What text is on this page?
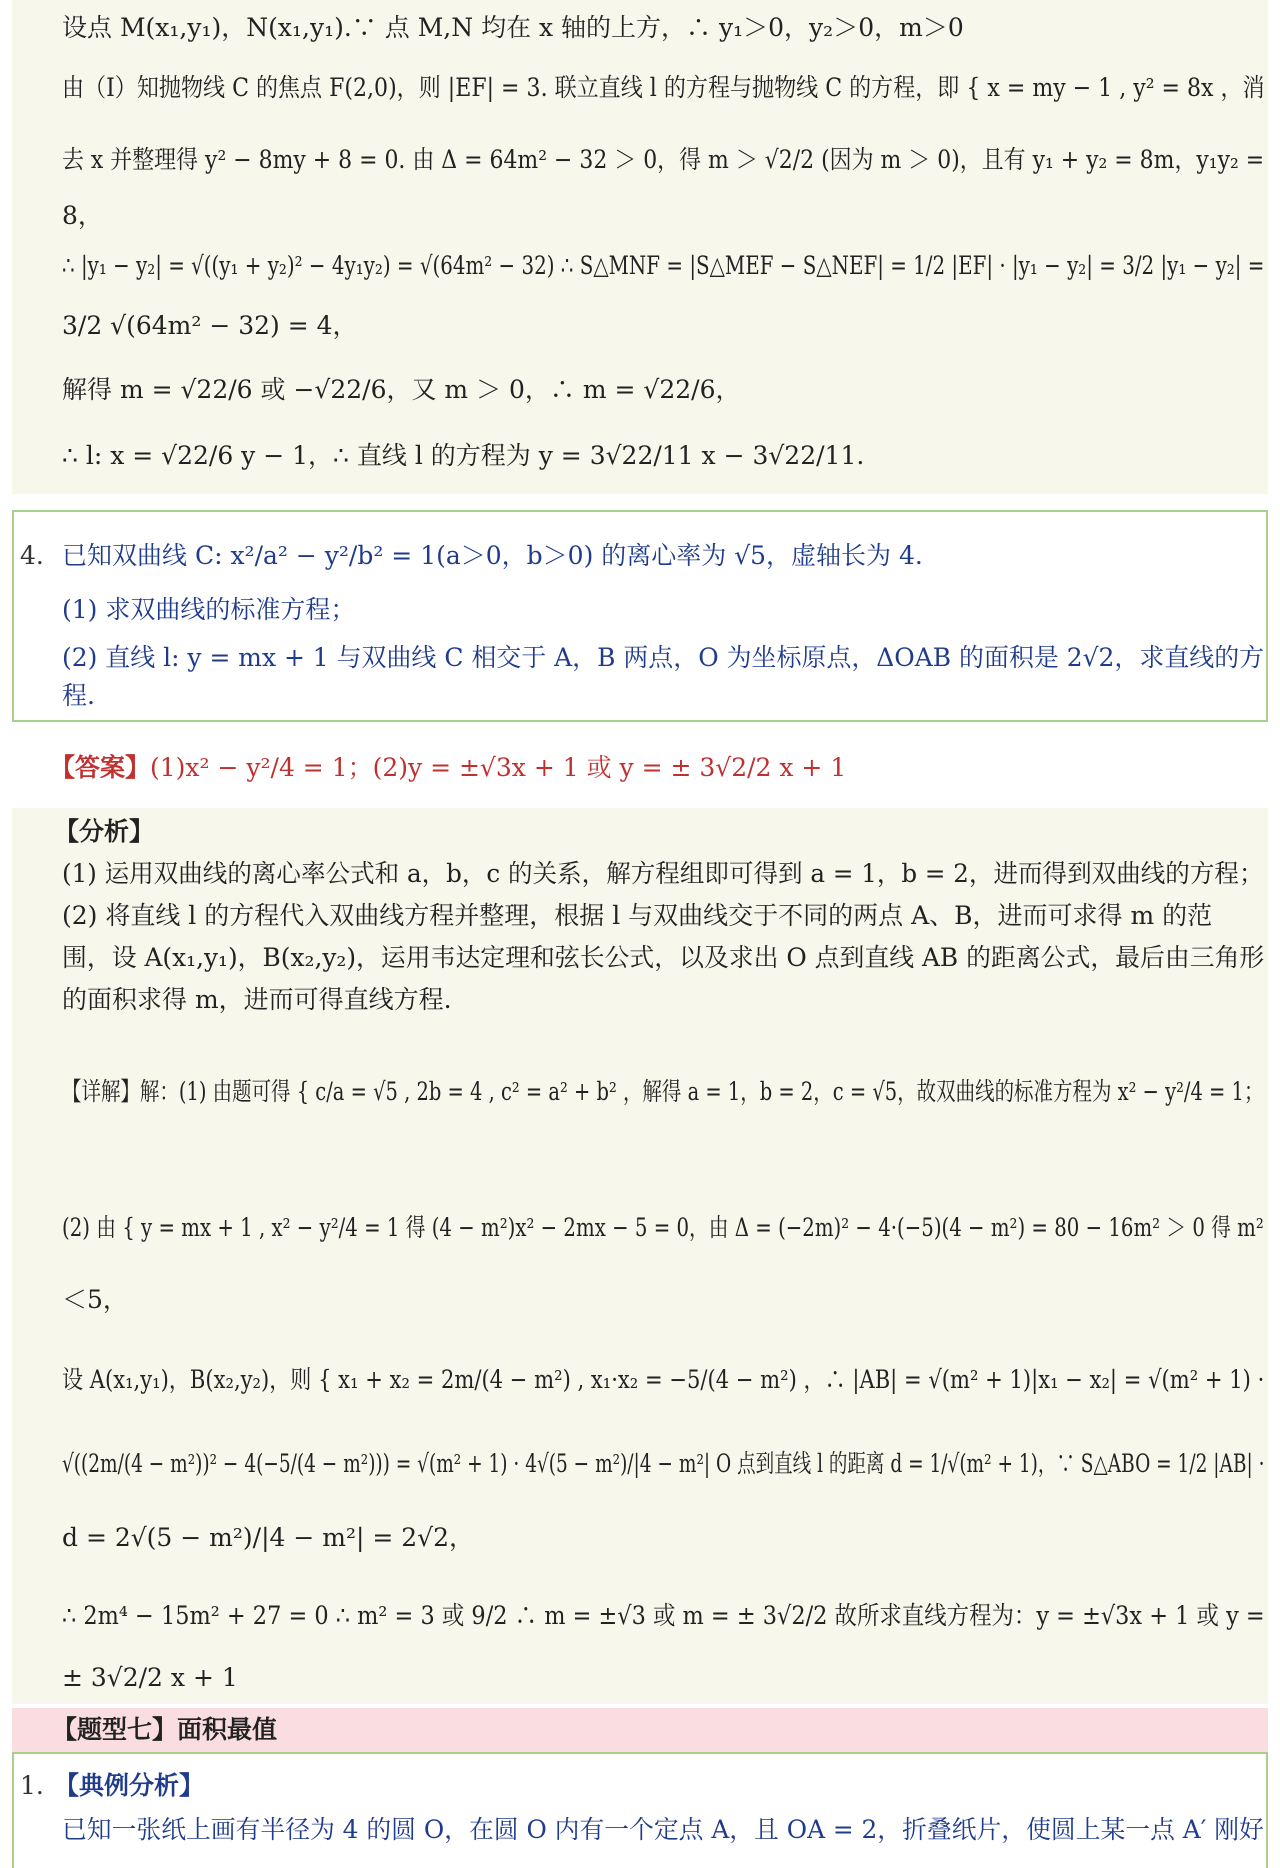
设点 M(x₁,y₁)，N(x₁,y₁).∵ 点 M,N 均在 x 轴的上方，∴ y₁＞0，y₂＞0，m＞0
由（Ⅰ）知抛物线 C 的焦点 F(2,0)，则 |EF| = 3. 联立直线 l 的方程与抛物线 C 的方程，即 { x = my − 1 , y² = 8x ，消
去 x 并整理得 y² − 8my + 8 = 0. 由 Δ = 64m² − 32 ＞ 0，得 m ＞ √2/2 (因为 m ＞ 0)，且有 y₁ + y₂ = 8m，y₁y₂ =
8，
∴ |y₁ − y₂| = √((y₁ + y₂)² − 4y₁y₂) = √(64m² − 32) ∴ S△MNF = |S△MEF − S△NEF| = 1/2 |EF| · |y₁ − y₂| = 3/2 |y₁ − y₂| =
3/2 √(64m² − 32) = 4，
解得 m = √22/6 或 −√22/6，又 m ＞ 0，∴ m = √22/6，
∴ l: x = √22/6 y − 1，∴ 直线 l 的方程为 y = 3√22/11 x − 3√22/11.
4. 已知双曲线 C: x²/a² − y²/b² = 1(a＞0，b＞0) 的离心率为 √5，虚轴长为 4.
(1) 求双曲线的标准方程；
(2) 直线 l: y = mx + 1 与双曲线 C 相交于 A，B 两点，O 为坐标原点，ΔOAB 的面积是 2√2，求直线的方
程.
【答案】(1)x² − y²/4 = 1；(2)y = ±√3x + 1 或 y = ± 3√2/2 x + 1
【分析】
(1) 运用双曲线的离心率公式和 a，b，c 的关系，解方程组即可得到 a = 1，b = 2，进而得到双曲线的方程；
(2) 将直线 l 的方程代入双曲线方程并整理，根据 l 与双曲线交于不同的两点 A、B，进而可求得 m 的范
围，设 A(x₁,y₁)，B(x₂,y₂)，运用韦达定理和弦长公式，以及求出 O 点到直线 AB 的距离公式，最后由三角形
的面积求得 m，进而可得直线方程.
【详解】解：(1) 由题可得 { c/a = √5 , 2b = 4 , c² = a² + b² ，解得 a = 1，b = 2，c = √5，故双曲线的标准方程为 x² − y²/4 = 1；
(2) 由 { y = mx + 1 , x² − y²/4 = 1 得 (4 − m²)x² − 2mx − 5 = 0，由 Δ = (−2m)² − 4·(−5)(4 − m²) = 80 − 16m² ＞ 0 得 m²
＜5，
设 A(x₁,y₁)，B(x₂,y₂)，则 { x₁ + x₂ = 2m/(4 − m²) , x₁·x₂ = −5/(4 − m²) ，∴ |AB| = √(m² + 1)|x₁ − x₂| = √(m² + 1) ·
√((2m/(4 − m²))² − 4(−5/(4 − m²))) = √(m² + 1) · 4√(5 − m²)/|4 − m²| O 点到直线 l 的距离 d = 1/√(m² + 1)，∵ S△ABO = 1/2 |AB| ·
d = 2√(5 − m²)/|4 − m²| = 2√2，
∴ 2m⁴ − 15m² + 27 = 0 ∴ m² = 3 或 9/2 ∴ m = ±√3 或 m = ± 3√2/2 故所求直线方程为：y = ±√3x + 1 或 y =
± 3√2/2 x + 1
【题型七】面积最值
1. 【典例分析】
已知一张纸上画有半径为 4 的圆 O，在圆 O 内有一个定点 A，且 OA = 2，折叠纸片，使圆上某一点 A′ 刚好
